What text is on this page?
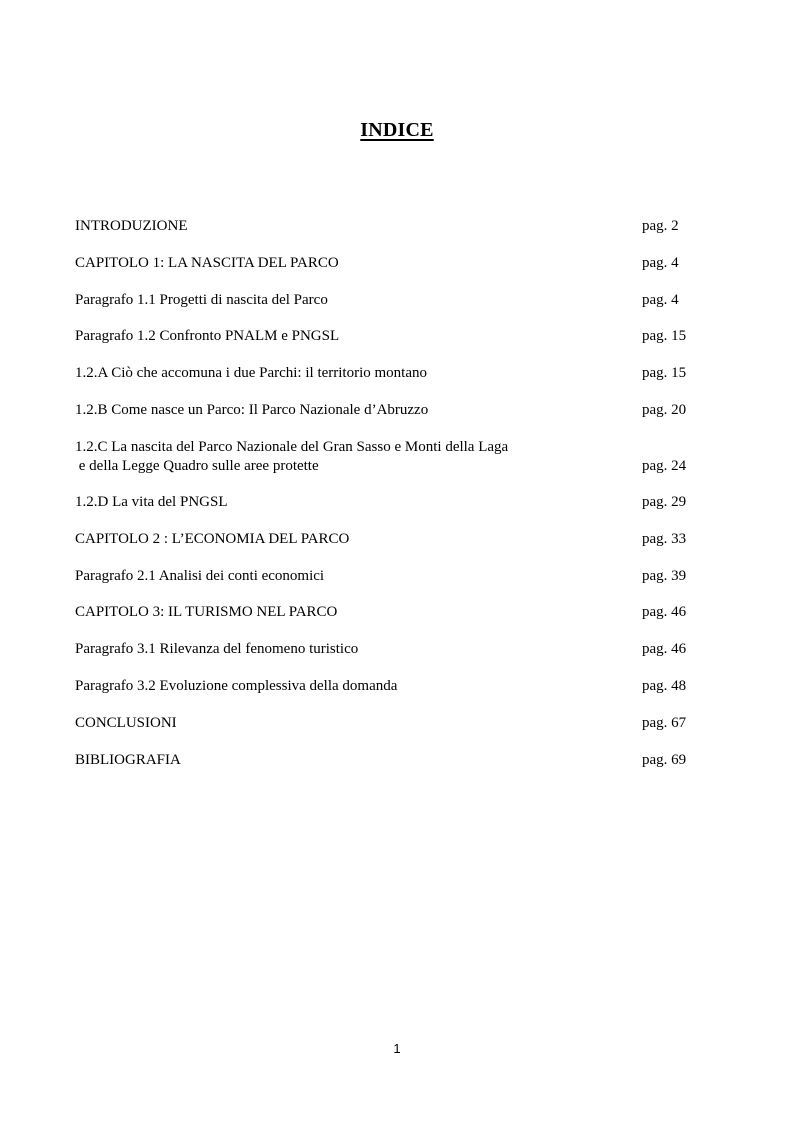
INDICE
INTRODUZIONE	pag. 2
CAPITOLO 1: LA NASCITA DEL PARCO	pag. 4
Paragrafo 1.1 Progetti di nascita del Parco	pag. 4
Paragrafo 1.2 Confronto PNALM e PNGSL	pag. 15
1.2.A Ciò che accomuna i due Parchi: il territorio montano	pag. 15
1.2.B Come nasce un Parco: Il Parco Nazionale d’Abruzzo	pag. 20
1.2.C La nascita del Parco Nazionale del Gran Sasso e Monti della Laga
e della Legge Quadro sulle aree protette	pag. 24
1.2.D La vita del PNGSL	pag. 29
CAPITOLO 2 : L’ECONOMIA DEL PARCO	pag. 33
Paragrafo 2.1 Analisi dei conti economici	pag. 39
CAPITOLO 3: IL TURISMO NEL PARCO	pag. 46
Paragrafo 3.1 Rilevanza del fenomeno turistico	pag. 46
Paragrafo 3.2 Evoluzione complessiva della domanda	pag. 48
CONCLUSIONI	pag. 67
BIBLIOGRAFIA	pag. 69
1
